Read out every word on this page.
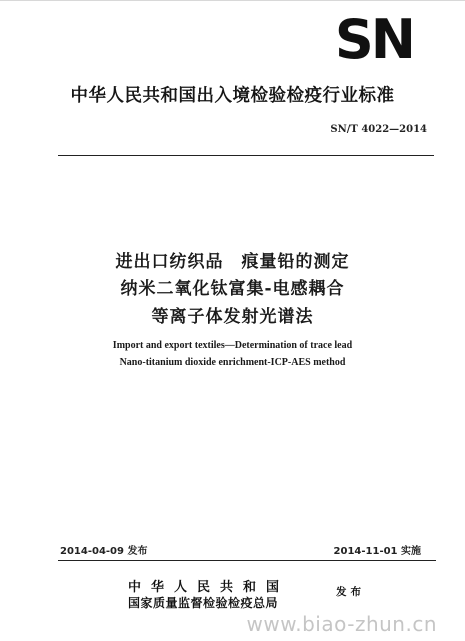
SN
中华人民共和国出入境检验检疫行业标准
SN/T 4022—2014
进出口纺织品　痕量铅的测定
纳米二氧化钛富集-电感耦合
等离子体发射光谱法
Import and export textiles—Determination of trace lead
Nano-titanium dioxide enrichment-ICP-AES method
2014-04-09 发布	2014-11-01 实施
中华人民共和国
国家质量监督检验检疫总局
发布
www.biao-zhun.cn
